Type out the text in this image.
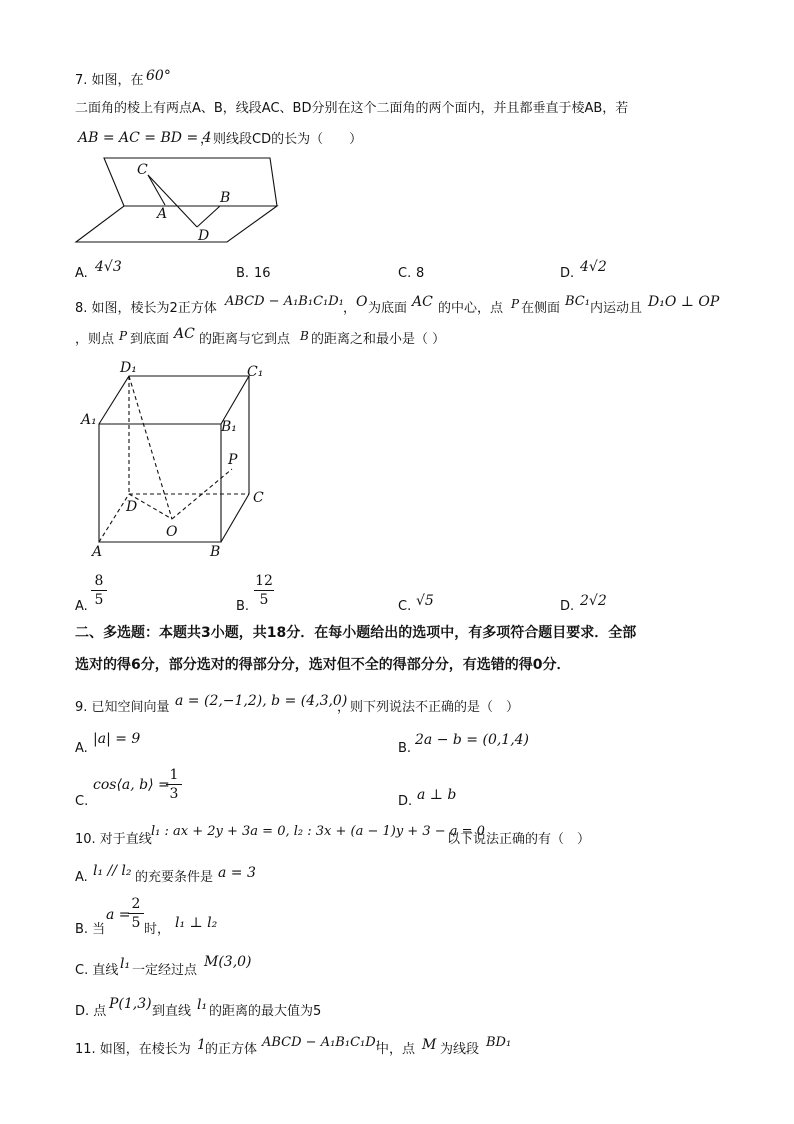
7. 如图，在 60°
二面角的棱上有两点A、B，线段AC、BD分别在这个二面角的两个面内，并且都垂直于棱AB，若
AB = AC = BD = 4
，则线段CD的长为（　　）
C
B
A
D
A. 4√3	B. 16	C. 8	D. 4√2
8. 如图，棱长为2正方体 ABCD − A₁B₁C₁D₁ ， O 为底面 AC 的中心，点 P 在侧面 BC₁ 内运动且 D₁O ⊥ OP
，则点 P 到底面 AC 的距离与它到点 B 的距离之和最小是（ ）
D₁	C₁
A₁	B₁
P
C
D
O
A	B
A.
8
5	B.
12
5	C. √5	D. 2√2
二、多选题：本题共3小题，共18分．在每小题给出的选项中，有多项符合题目要求．全部
选对的得6分，部分选对的得部分分，选对但不全的得部分分，有选错的得0分．
9. 已知空间向量 a = (2,−1,2), b = (4,3,0)
，则下列说法不正确的是（　）
A.
|a| = 9
B.
2a − b = (0,1,4)
C.
cos⟨a, b⟩ =
1
3	D. a ⊥ b
10. 对于直线
l₁ : ax + 2y + 3a = 0, l₂ : 3x + (a − 1)y + 3 − a = 0
以下说法正确的有（　）
A. l₁ // l₂ 的充要条件是 a = 3
B. 当
a =
2
5 时， l₁ ⊥ l₂
C. 直线 l₁ 一定经过点
M(3,0)
D. 点 P(1,3) 到直线 l₁ 的距离的最大值为5
11. 如图，在棱长为 1 的正方体 ABCD − A₁B₁C₁D₁
中，点 M 为线段 BD₁
